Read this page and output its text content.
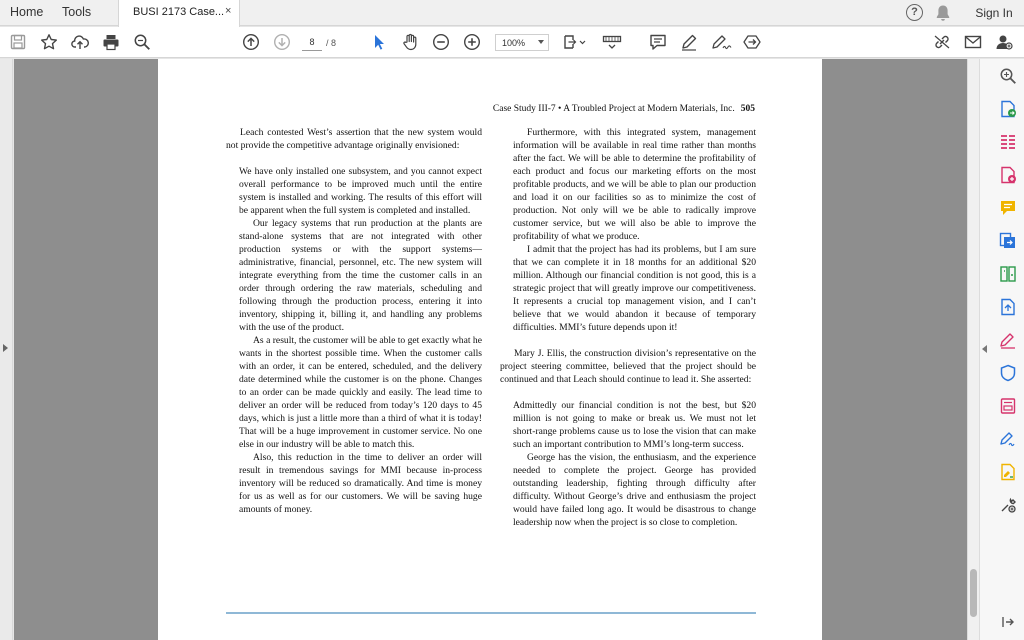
Home	Tools	BUSI 2173 Case... ×	?	Sign In
8	/ 8	100%
Case Study III-7 • A Troubled Project at Modern Materials, Inc. 505

Leach contested West’s assertion that the new system would not provide the competitive advantage originally envisioned:

We have only installed one subsystem, and you cannot expect overall performance to be improved much until the entire system is installed and working. The results of this effort will be apparent when the full system is completed and installed.

Our legacy systems that run production at the plants are stand-alone systems that are not integrated with other production systems or with the support systems—administrative, financial, personnel, etc. The new system will integrate everything from the time the customer calls in an order through ordering the raw materials, scheduling and following through the production process, entering it into inventory, shipping it, billing it, and handling any problems with the use of the product.

As a result, the customer will be able to get exactly what he wants in the shortest possible time. When the customer calls with an order, it can be entered, scheduled, and the delivery date determined while the customer is on the phone. Changes to an order can be made quickly and easily. The lead time to deliver an order will be reduced from today’s 120 days to 45 days, which is just a little more than a third of what it is today! That will be a huge improvement in customer service. No one else in our industry will be able to match this.

Also, this reduction in the time to deliver an order will result in tremendous savings for MMI because in-process inventory will be reduced so dramatically. And time is money for us as well as for our customers. We will be saving huge amounts of money.

Furthermore, with this integrated system, management information will be available in real time rather than months after the fact. We will be able to determine the profitability of each product and focus our marketing efforts on the most profitable products, and we will be able to plan our production and load it on our facilities so as to minimize the cost of production. Not only will we be able to radically improve customer service, but we will also be able to improve the profitability of what we produce.

I admit that the project has had its problems, but I am sure that we can complete it in 18 months for an additional $20 million. Although our financial condition is not good, this is a strategic project that will greatly improve our competitiveness. It represents a crucial top management vision, and I can’t believe that we would abandon it because of temporary difficulties. MMI’s future depends upon it!

Mary J. Ellis, the construction division’s representative on the project steering committee, believed that the project should be continued and that Leach should continue to lead it. She asserted:

Admittedly our financial condition is not the best, but $20 million is not going to make or break us. We must not let short-range problems cause us to lose the vision that can make such an important contribution to MMI’s long-term success.

George has the vision, the enthusiasm, and the experience needed to complete the project. George has provided outstanding leadership, fighting through difficulty after difficulty. Without George’s drive and enthusiasm the project would have failed long ago. It would be disastrous to change leadership now when the project is so close to completion.
